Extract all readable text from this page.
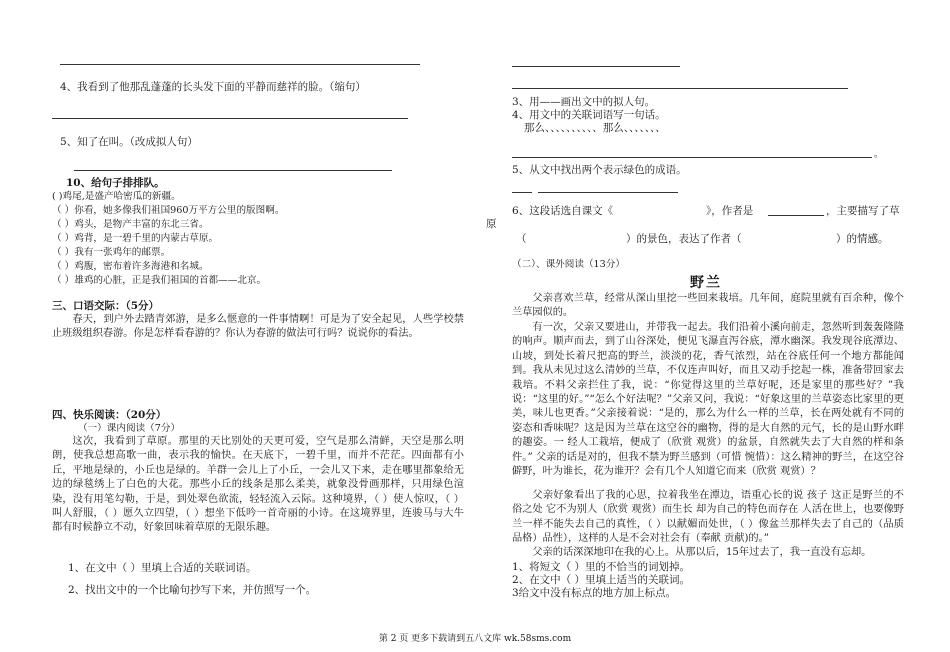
4、我看到了他那乱蓬蓬的长头发下面的平静而慈祥的脸。（缩句）
5、知了在叫。（改成拟人句）
10、给句子排排队。
( )鸡尾,是盛产哈密瓜的新疆。
（ ）你看，她多像我们祖国960万平方公里的版图啊。
（ ）鸡头，是物产丰富的东北三省。
（ ）鸡背，是一碧千里的内蒙古草原。
（ ）我有一张鸡年的邮票。
（ ）鸡腹，密布着许多海港和名城。
（ ）雄鸡的心脏，正是我们祖国的首都——北京。
三、口语交际：（5分）
春天，到户外去踏青郊游，是多么惬意的一件事情啊！可是为了安全起见，人些学校禁止班级组织春游。你是怎样看春游的？你认为春游的做法可行吗？说说你的看法。
四、快乐阅读：（20分）
（一）课内阅读（7分）
这次，我看到了草原。那里的天比别处的天更可爱，空气是那么清鲜，天空是那么明朗，使我总想高歌一曲，表示我的愉快。在天底下，一碧千里，而并不茫茫。四面都有小丘，平地是绿的，小丘也是绿的。羊群一会儿上了小丘，一会儿又下来，走在哪里都象给无边的绿毯绣上了白色的大花。那些小丘的线条是那么柔美，就象没骨画那样，只用绿色渲染，没有用笔勾勒，于是，到处翠色欲流，轻轻流入云际。这种境界，（ ）使人惊叹，（ ）叫人舒服，（ ）愿久立四望，（ ）想坐下低吟一首奇丽的小诗。在这境界里，连骏马与大牛都有时候静立不动，好象回味着草原的无限乐趣。
1、在文中（ ）里填上合适的关联词语。
2、找出文中的一个比喻句抄写下来，并仿照写一个。
3、用——画出文中的拟人句。
4、用文中的关联词语写一句话。
那么、、、、、、、、、、那么、、、、、、、
。
5、从文中找出两个表示绿色的成语。
6、这段话选自课文《	》，作者是	，主要描写了草
原
（	）的景色，表达了作者（	）的情感。
（二）、课外阅读（13分）
野兰
父亲喜欢兰草，经常从深山里挖一些回来栽培。几年间，庭院里就有百余种，像个兰草园似的。
有一次，父亲又要进山，并带我一起去。我们沿着小溪向前走，忽然听到轰轰隆隆的响声。顺声而去，到了山谷深处，便见飞瀑直泻谷底，潭水幽深。我发现谷底潭边、山坡，到处长着尺把高的野兰，淡淡的花，香气浓烈，站在谷底任何一个地方都能闻到。我从未见过这么清妙的兰草，不仅连声叫好，而且又动手挖起一株，准备带回家去栽培。不料父亲拦住了我，说：“你觉得这里的兰草好呢，还是家里的那些好？”我说：“这里的好。”“怎么个好法呢？”父亲又问，我说：“好象这里的兰草姿态比家里的更美，味儿也更香。”父亲接着说：“是的，那么为什么一样的兰草，长在两处就有不同的姿态和香味呢？这是因为兰草在这空谷的幽物，得的是大自然的元气，长的是山野水畔的趣姿。一 经人工栽培，便成了（欣赏 观赏）的盆景，自然就失去了大自然的样和条件。” 父亲的话是对的，但我不禁为野兰感到（可惜 惋惜）：这么精神的野兰，在这空谷僻野，叶为谁长，花为谁开？会有几个人知道它而来（欣赏 观赏）？
父亲好象看出了我的心思，拉着我坐在潭边，语重心长的说 孩子 这正是野兰的不俗之处 它不为别人（欣赏 观赏）而生长 却为自己的特色而存在 人活在世上，也要像野兰一样不能失去自己的真性，（ ）以献媚而处世，（ ）像盆兰那样失去了自己的（品质 品格）品性），这样的人是不会对社会有（奉献 贡献)的。”
父亲的话深深地印在我的心上。从那以后，15年过去了，我一直没有忘却。
1、将短文（ ）里的不恰当的词划掉。
2、在文中（ ）里填上适当的关联词。
3给文中没有标点的地方加上标点。
第 2 页 更多下载请到五八文库 wk.58sms.com
